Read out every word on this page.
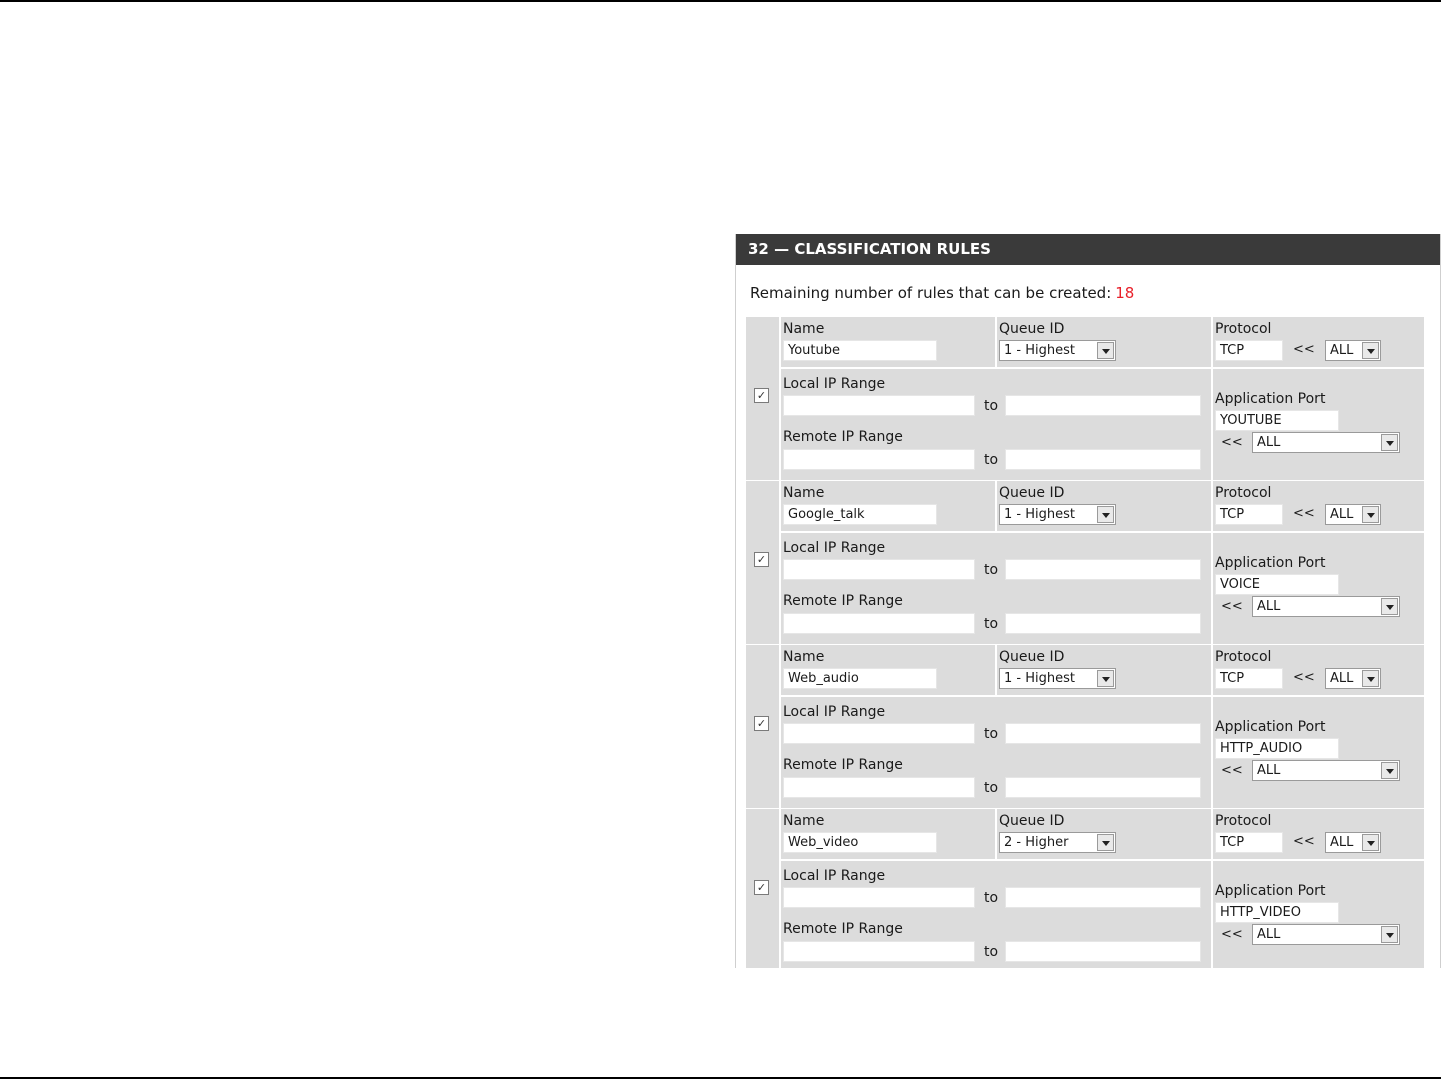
32 — CLASSIFICATION RULES
Remaining number of rules that can be created: 18
✓
Name
Youtube
Queue ID
1 - Highest
Protocol
TCP	<<	ALL
Local IP Range
to
Remote IP Range
to
Application Port
YOUTUBE
<<	ALL
✓
Name
Google_talk
Queue ID
1 - Highest
Protocol
TCP	<<	ALL
Local IP Range
to
Remote IP Range
to
Application Port
VOICE
<<	ALL
✓
Name
Web_audio
Queue ID
1 - Highest
Protocol
TCP	<<	ALL
Local IP Range
to
Remote IP Range
to
Application Port
HTTP_AUDIO
<<	ALL
✓
Name
Web_video
Queue ID
2 - Higher
Protocol
TCP	<<	ALL
Local IP Range
to
Remote IP Range
to
Application Port
HTTP_VIDEO
<<	ALL
